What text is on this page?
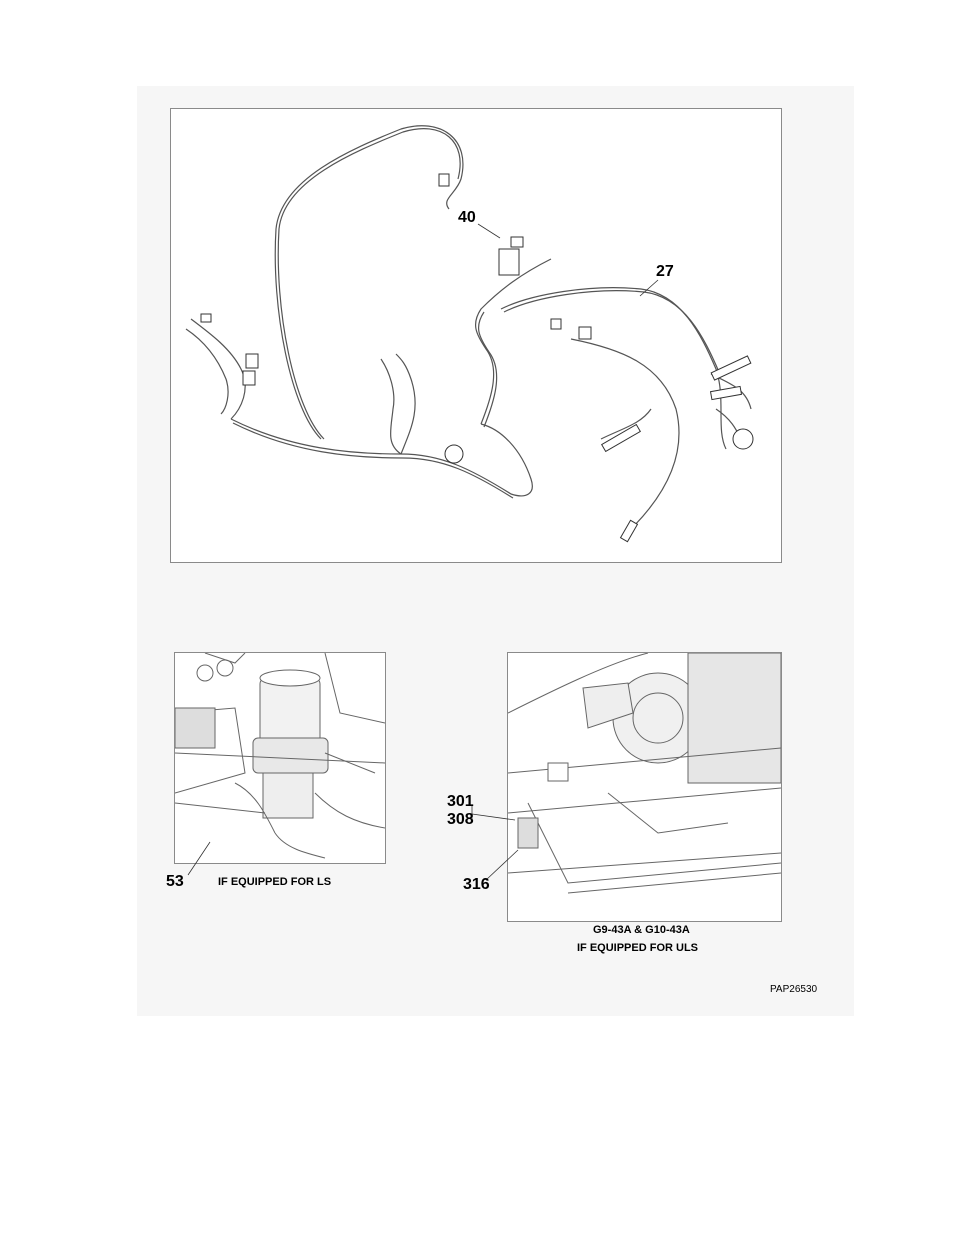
40
27
53
301
308
316
IF EQUIPPED FOR LS
G9-43A & G10-43A
IF EQUIPPED FOR ULS
PAP26530
